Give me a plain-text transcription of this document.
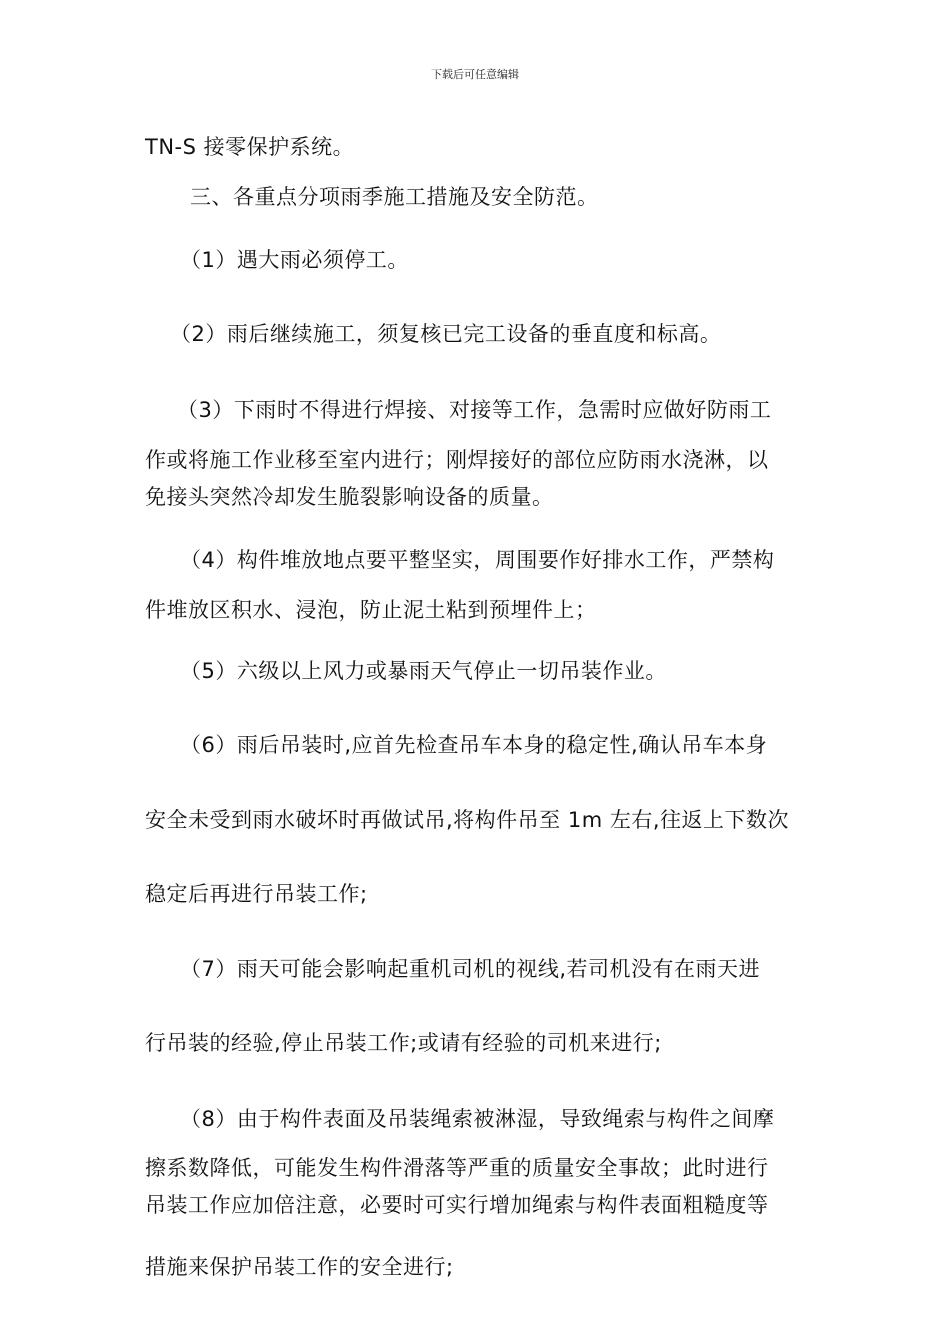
下载后可任意编辑
TN-S 接零保护系统。
三、各重点分项雨季施工措施及安全防范。
（1）遇大雨必须停工。
（2）雨后继续施工，须复核已完工设备的垂直度和标高。
（3）下雨时不得进行焊接、对接等工作，急需时应做好防雨工
作或将施工作业移至室内进行；刚焊接好的部位应防雨水浇淋，以
免接头突然冷却发生脆裂影响设备的质量。
（4）构件堆放地点要平整坚实，周围要作好排水工作，严禁构
件堆放区积水、浸泡，防止泥土粘到预埋件上；
（5）六级以上风力或暴雨天气停止一切吊装作业。
（6）雨后吊装时,应首先检查吊车本身的稳定性,确认吊车本身
安全未受到雨水破坏时再做试吊,将构件吊至 1m 左右,往返上下数次
稳定后再进行吊装工作;
（7）雨天可能会影响起重机司机的视线,若司机没有在雨天进
行吊装的经验,停止吊装工作;或请有经验的司机来进行;
（8）由于构件表面及吊装绳索被淋湿，导致绳索与构件之间摩
擦系数降低，可能发生构件滑落等严重的质量安全事故；此时进行
吊装工作应加倍注意，必要时可实行增加绳索与构件表面粗糙度等
措施来保护吊装工作的安全进行;
